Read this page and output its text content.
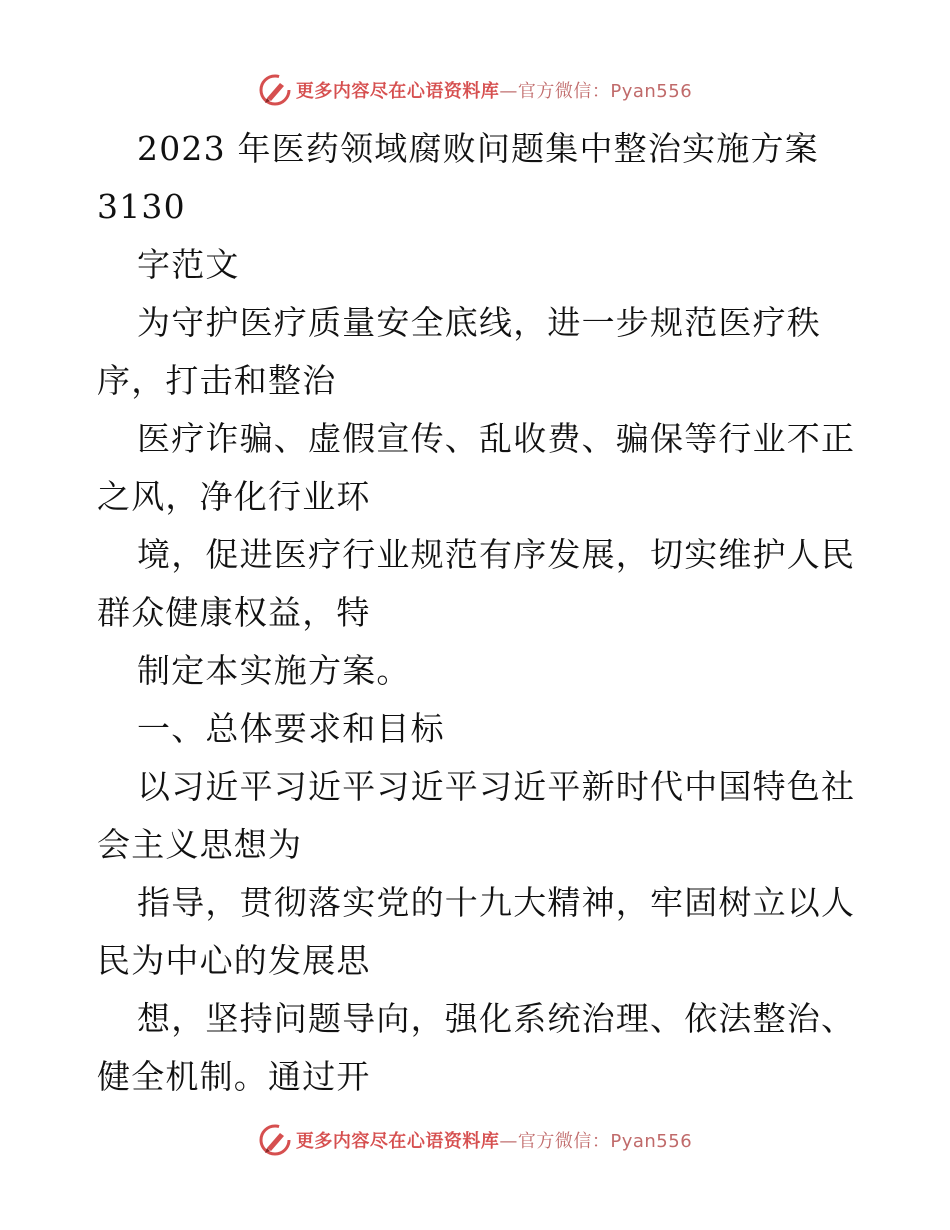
更多内容尽在心语资料库—官方微信：Pyan556
2023 年医药领域腐败问题集中整治实施方案
3130
字范文
为守护医疗质量安全底线，进一步规范医疗秩
序，打击和整治
医疗诈骗、虚假宣传、乱收费、骗保等行业不正
之风，净化行业环
境，促进医疗行业规范有序发展，切实维护人民
群众健康权益，特
制定本实施方案。
一、总体要求和目标
以习近平习近平习近平习近平新时代中国特色社
会主义思想为
指导，贯彻落实党的十九大精神，牢固树立以人
民为中心的发展思
想，坚持问题导向，强化系统治理、依法整治、
健全机制。通过开
更多内容尽在心语资料库—官方微信：Pyan556
